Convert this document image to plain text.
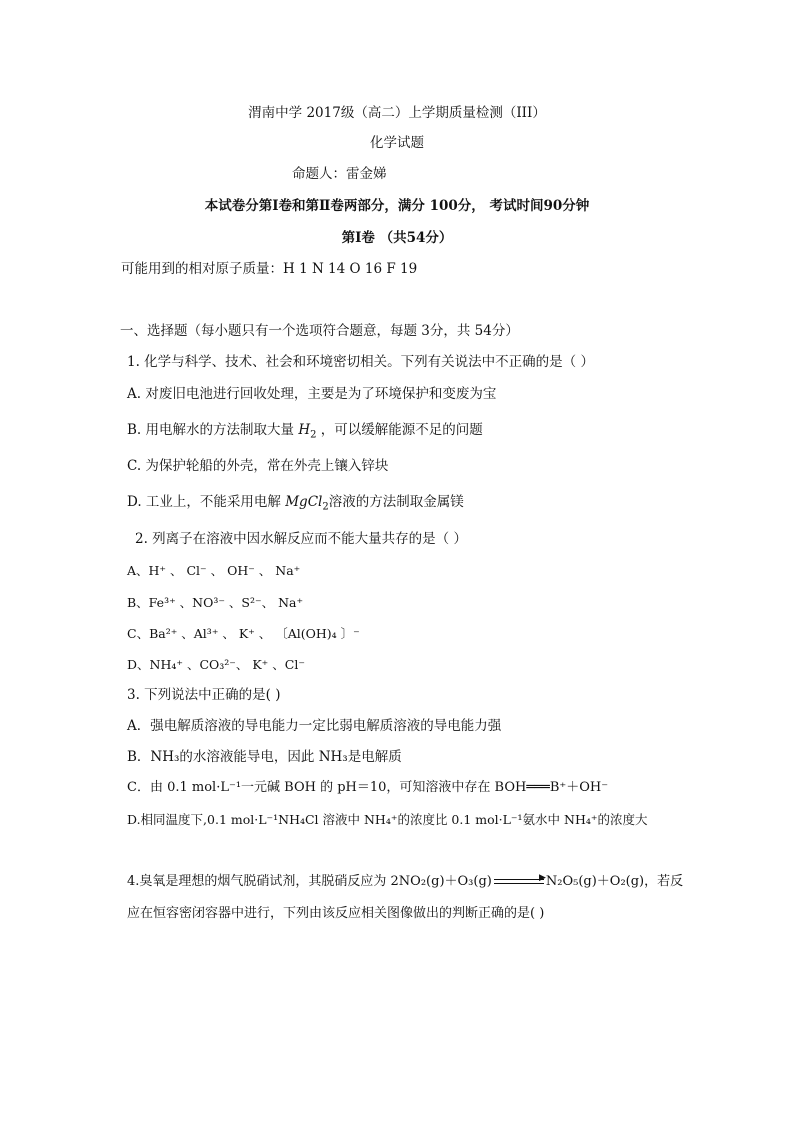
渭南中学 2017级（高二）上学期质量检测（III）
化学试题
命题人：雷金娣
本试卷分第Ⅰ卷和第Ⅱ卷两部分，满分 100分， 考试时间90分钟
第Ⅰ卷 （共54分）
可能用到的相对原子质量：H 1 N 14 O 16 F 19
一、选择题（每小题只有一个选项符合题意，每题 3分，共 54分）
1. 化学与科学、技术、社会和环境密切相关。下列有关说法中不正确的是（ ）
A. 对废旧电池进行回收处理，主要是为了环境保护和变废为宝
B. 用电解水的方法制取大量 $H_2$ ，可以缓解能源不足的问题
C. 为保护轮船的外壳，常在外壳上镶入锌块
D. 工业上，不能采用电解 MgCl$_2$溶液的方法制取金属镁
2. 列离子在溶液中因水解反应而不能大量共存的是（ ）
A、H⁺ 、 Cl⁻ 、 OH⁻ 、 Na⁺
B、Fe³⁺ 、NO³⁻ 、S²⁻、 Na⁺
C、Ba²⁺ 、Al³⁺ 、 K⁺ 、 〔Al(OH)₄ 〕⁻
D、NH₄⁺ 、CO₃²⁻、 K⁺ 、Cl⁻
3. 下列说法中正确的是( )
A．强电解质溶液的导电能力一定比弱电解质溶液的导电能力强
B．NH₃的水溶液能导电，因此 NH₃是电解质
C．由 0.1 mol·L⁻¹一元碱 BOH 的 pH＝10，可知溶液中存在 BOH═══B⁺＋OH⁻
D.相同温度下,0.1 mol·L⁻¹NH₄Cl 溶液中 NH₄⁺的浓度比 0.1 mol·L⁻¹氨水中 NH₄⁺的浓度大
4.臭氧是理想的烟气脱硝试剂，其脱硝反应为 2NO₂(g)＋O₃(g)	▶ N₂O₅(g)＋O₂(g)，若反
应在恒容密闭容器中进行，下列由该反应相关图像做出的判断正确的是( )
